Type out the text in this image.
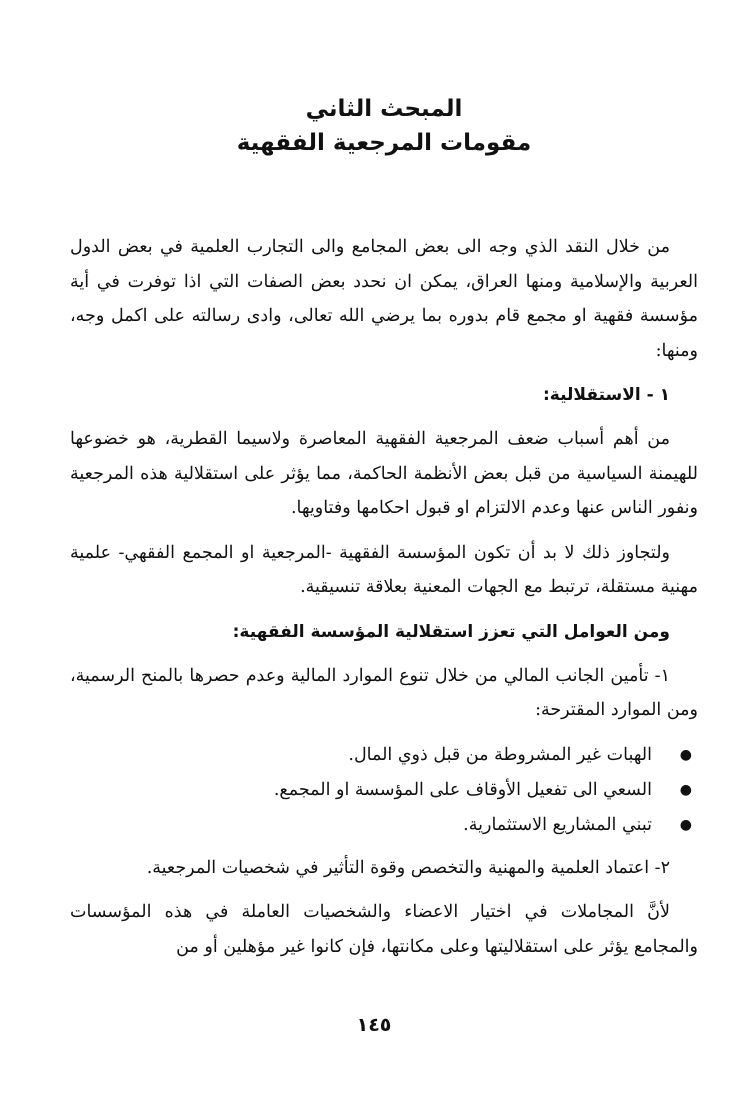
المبحث الثاني
مقومات المرجعية الفقهية

من خلال النقد الذي وجه الى بعض المجامع والى التجارب العلمية في بعض الدول العربية والإسلامية ومنها العراق، يمكن ان نحدد بعض الصفات التي اذا توفرت في أية مؤسسة فقهية او مجمع قام بدوره بما يرضي الله تعالى، وادى رسالته على اكمل وجه، ومنها:

١ - الاستقلالية:

من أهم أسباب ضعف المرجعية الفقهية المعاصرة ولاسيما القطرية، هو خضوعها للهيمنة السياسية من قبل بعض الأنظمة الحاكمة، مما يؤثر على استقلالية هذه المرجعية ونفور الناس عنها وعدم الالتزام او قبول احكامها وفتاويها.

ولتجاوز ذلك لا بد أن تكون المؤسسة الفقهية -المرجعية او المجمع الفقهي- علمية مهنية مستقلة، ترتبط مع الجهات المعنية بعلاقة تنسيقية.

ومن العوامل التي تعزز استقلالية المؤسسة الفقهية:

١- تأمين الجانب المالي من خلال تنوع الموارد المالية وعدم حصرها بالمنح الرسمية، ومن الموارد المقترحة:

●
الهبات غير المشروطة من قبل ذوي المال.
●
السعي الى تفعيل الأوقاف على المؤسسة او المجمع.
●
تبني المشاريع الاستثمارية.

٢- اعتماد العلمية والمهنية والتخصص وقوة التأثير في شخصيات المرجعية.

لأنَّ المجاملات في اختيار الاعضاء والشخصيات العاملة في هذه المؤسسات والمجامع يؤثر على استقلاليتها وعلى مكانتها، فإن كانوا غير مؤهلين أو من

١٤٥
